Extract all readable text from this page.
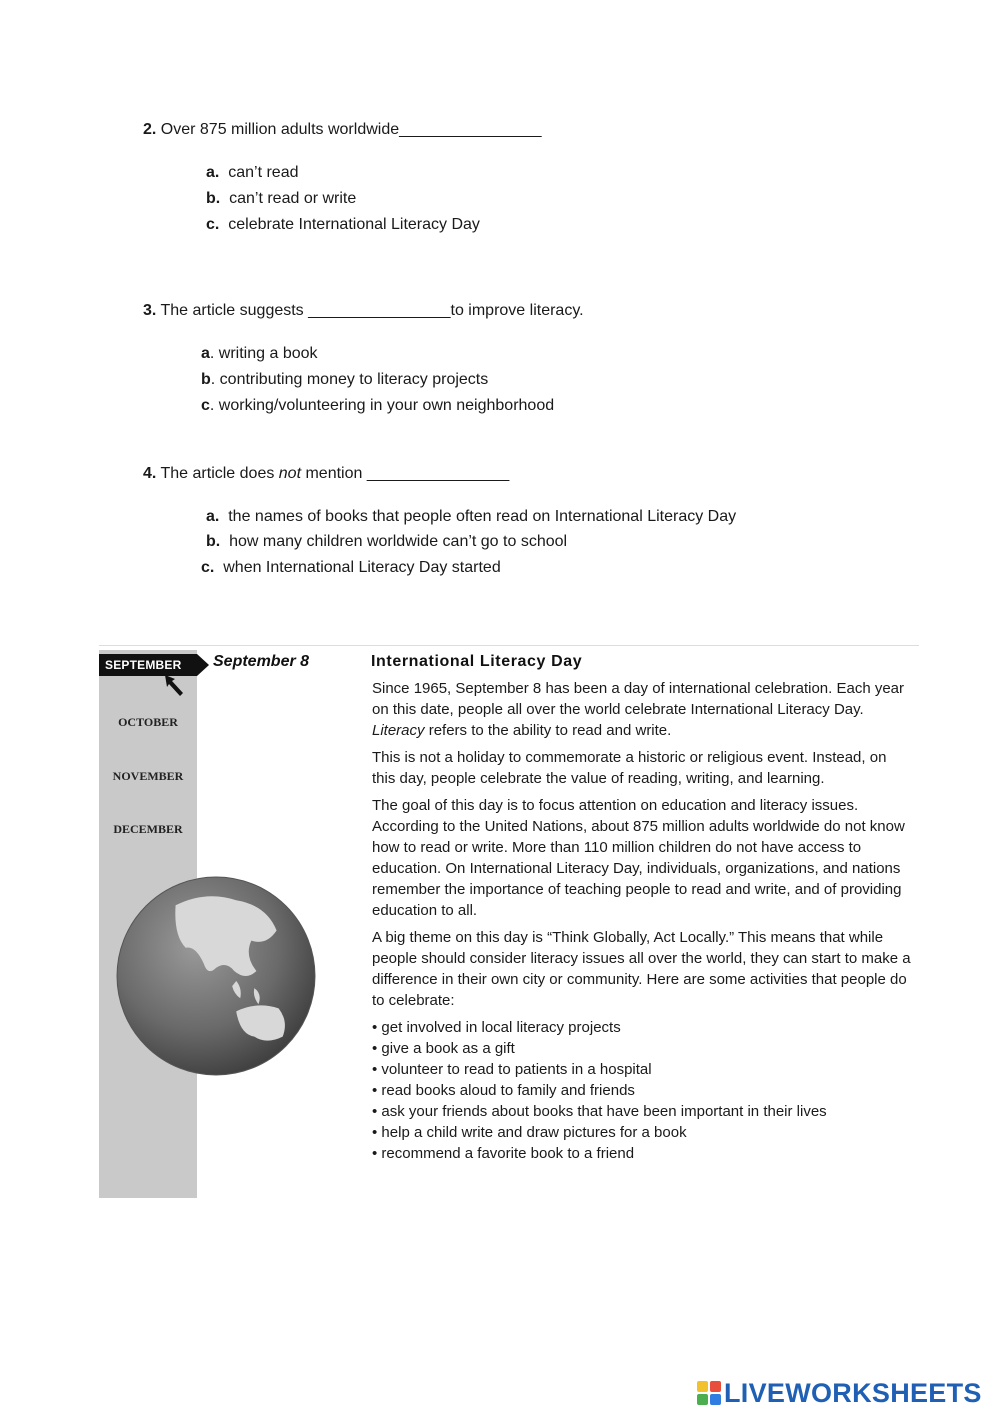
2. Over 875 million adults worldwide________________
a. can’t read
b. can’t read or write
c. celebrate International Literacy Day
3. The article suggests ________________to improve literacy.
a. writing a book
b. contributing money to literacy projects
c. working/volunteering in your own neighborhood
4. The article does not mention ________________
a. the names of books that people often read on International Literacy Day
b. how many children worldwide can’t go to school
c. when International Literacy Day started
OCTOBER
NOVEMBER
DECEMBER
SEPTEMBER September 8	International Literacy Day

Since 1965, September 8 has been a day of international celebration. Each year on this date, people all over the world celebrate International Literacy Day. Literacy refers to the ability to read and write.

This is not a holiday to commemorate a historic or religious event. Instead, on this day, people celebrate the value of reading, writing, and learning.

The goal of this day is to focus attention on education and literacy issues. According to the United Nations, about 875 million adults worldwide do not know how to read or write. More than 110 million children do not have access to education. On International Literacy Day, individuals, organizations, and nations remember the importance of teaching people to read and write, and of providing education to all.

A big theme on this day is “Think Globally, Act Locally.” This means that while people should consider literacy issues all over the world, they can start to make a difference in their own city or community. Here are some activities that people do to celebrate:

• get involved in local literacy projects
• give a book as a gift
• volunteer to read to patients in a hospital
• read books aloud to family and friends
• ask your friends about books that have been important in their lives
• help a child write and draw pictures for a book
• recommend a favorite book to a friend
LIVEWORKSHEETS
